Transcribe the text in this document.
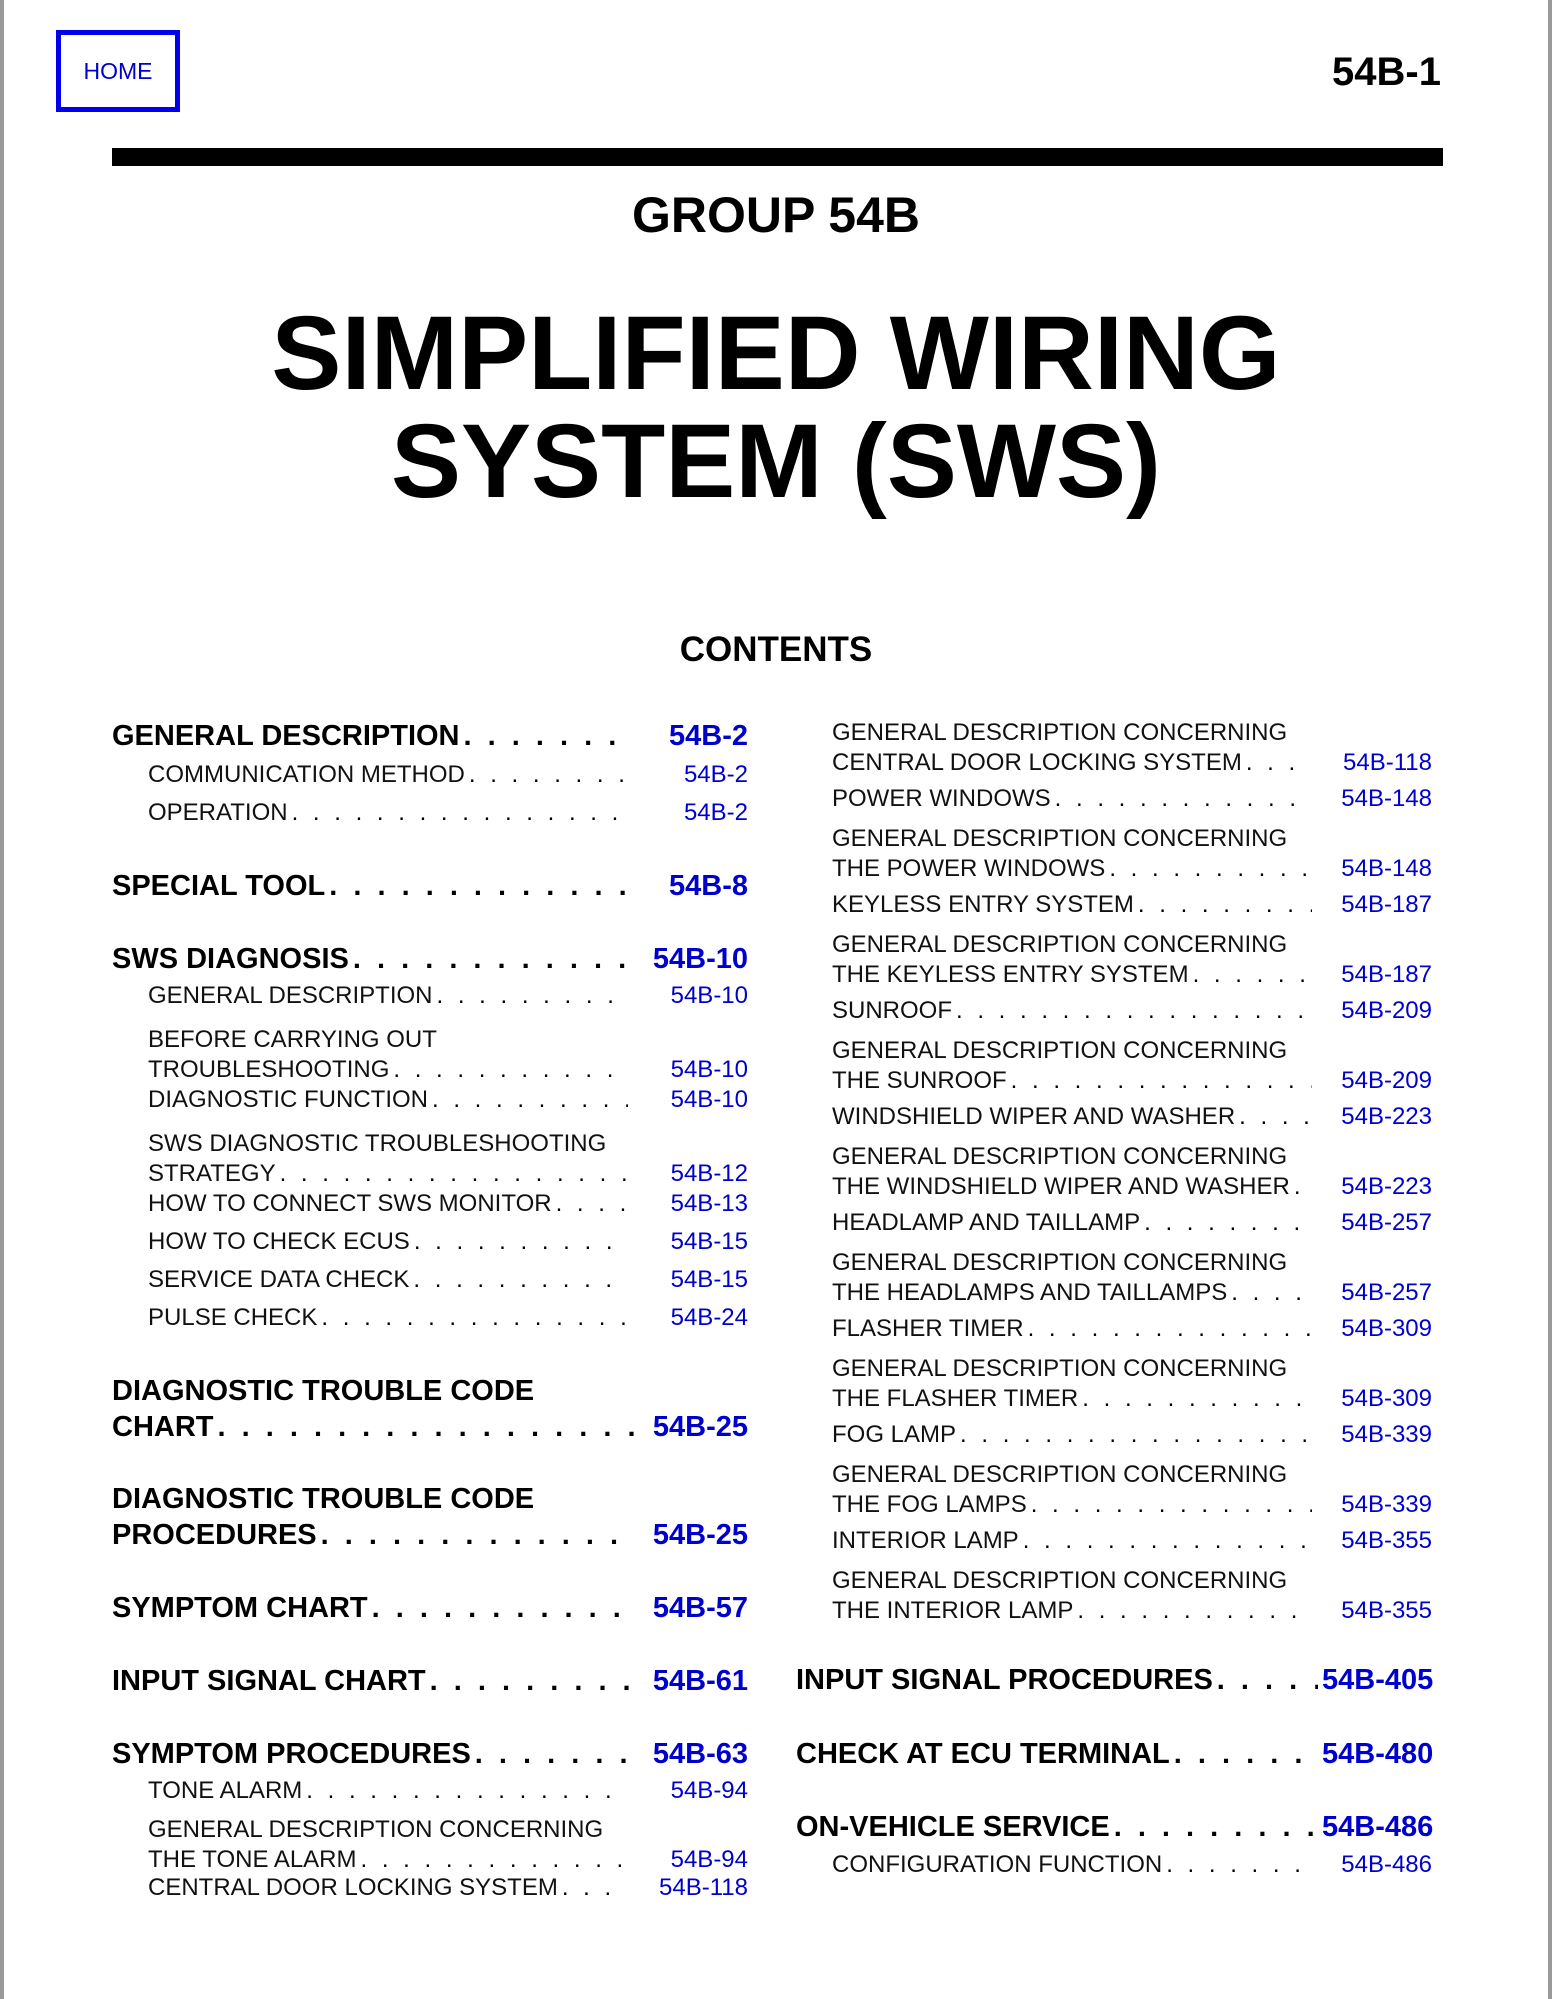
HOME	54B-1
GROUP 54B
SIMPLIFIED WIRING
SYSTEM (SWS)
CONTENTS
GENERAL DESCRIPTION . . .	54B-2
COMMUNICATION METHOD . . .	54B-2
OPERATION . . .	54B-2
SPECIAL TOOL . . .	54B-8
SWS DIAGNOSIS . . .	54B-10
GENERAL DESCRIPTION . . .	54B-10
BEFORE CARRYING OUT
TROUBLESHOOTING . . .	54B-10
DIAGNOSTIC FUNCTION . . .	54B-10
SWS DIAGNOSTIC TROUBLESHOOTING
STRATEGY . . .	54B-12
HOW TO CONNECT SWS MONITOR . . .	54B-13
HOW TO CHECK ECUS . . .	54B-15
SERVICE DATA CHECK . . .	54B-15
PULSE CHECK . . .	54B-24
DIAGNOSTIC TROUBLE CODE
CHART . . .	54B-25
DIAGNOSTIC TROUBLE CODE
PROCEDURES . . .	54B-25
SYMPTOM CHART . . .	54B-57
INPUT SIGNAL CHART . . .	54B-61
SYMPTOM PROCEDURES . . .	54B-63
TONE ALARM . . .	54B-94
GENERAL DESCRIPTION CONCERNING
THE TONE ALARM . . .	54B-94
CENTRAL DOOR LOCKING SYSTEM . . .	54B-118
GENERAL DESCRIPTION CONCERNING
CENTRAL DOOR LOCKING SYSTEM . . .	54B-118
POWER WINDOWS . . .	54B-148
GENERAL DESCRIPTION CONCERNING
THE POWER WINDOWS . . .	54B-148
KEYLESS ENTRY SYSTEM . . .	54B-187
GENERAL DESCRIPTION CONCERNING
THE KEYLESS ENTRY SYSTEM . . .	54B-187
SUNROOF . . .	54B-209
GENERAL DESCRIPTION CONCERNING
THE SUNROOF . . .	54B-209
WINDSHIELD WIPER AND WASHER . . .	54B-223
GENERAL DESCRIPTION CONCERNING
THE WINDSHIELD WIPER AND WASHER . . .	54B-223
HEADLAMP AND TAILLAMP . . .	54B-257
GENERAL DESCRIPTION CONCERNING
THE HEADLAMPS AND TAILLAMPS . . .	54B-257
FLASHER TIMER . . .	54B-309
GENERAL DESCRIPTION CONCERNING
THE FLASHER TIMER . . .	54B-309
FOG LAMP . . .	54B-339
GENERAL DESCRIPTION CONCERNING
THE FOG LAMPS . . .	54B-339
INTERIOR LAMP . . .	54B-355
GENERAL DESCRIPTION CONCERNING
THE INTERIOR LAMP . . .	54B-355
INPUT SIGNAL PROCEDURES . . .	54B-405
CHECK AT ECU TERMINAL . . .	54B-480
ON-VEHICLE SERVICE . . .	54B-486
CONFIGURATION FUNCTION . . .	54B-486
